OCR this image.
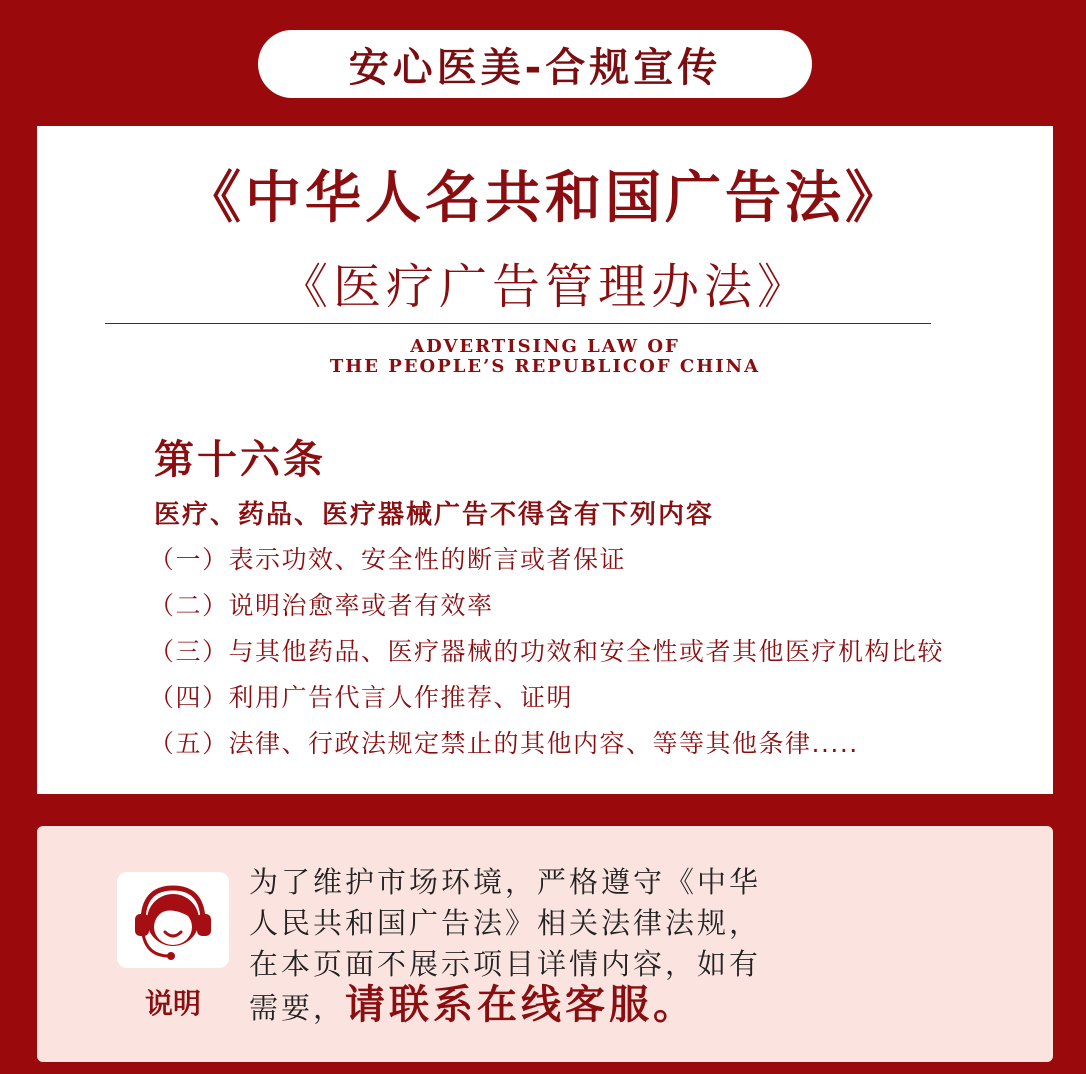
安心医美-合规宣传
《中华人名共和国广告法》
《医疗广告管理办法》
ADVERTISING LAW OF
THE PEOPLE’S REPUBLICOF CHINA
第十六条
医疗、药品、医疗器械广告不得含有下列内容
（一）表示功效、安全性的断言或者保证
（二）说明治愈率或者有效率
（三）与其他药品、医疗器械的功效和安全性或者其他医疗机构比较
（四）利用广告代言人作推荐、证明
（五）法律、行政法规定禁止的其他内容、等等其他条律.....
说明
为了维护市场环境，严格遵守《中华
人民共和国广告法》相关法律法规，
在本页面不展示项目详情内容，如有
需要，请联系在线客服。
